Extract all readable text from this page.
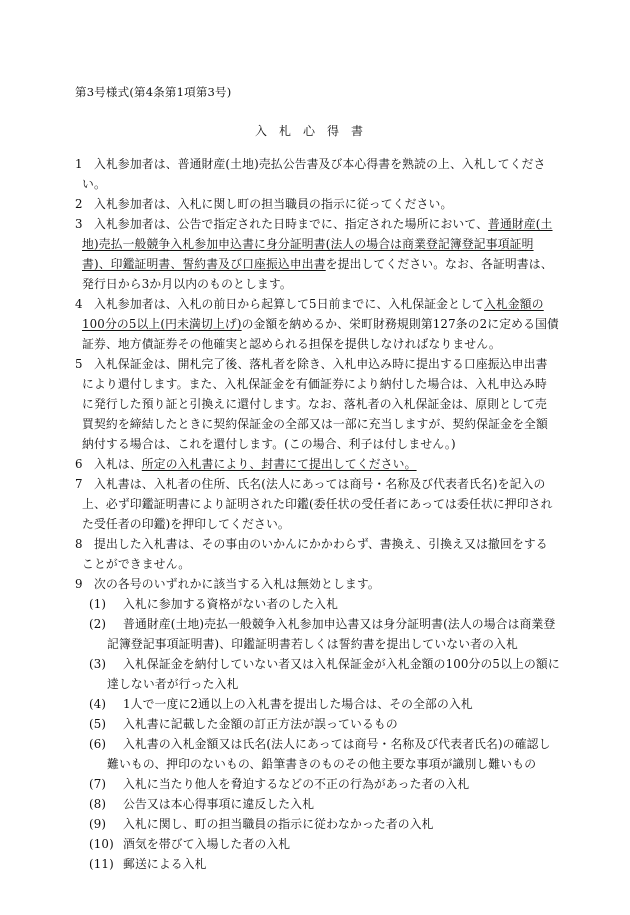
第3号様式(第4条第1項第3号)
入札心得書
1 入札参加者は、普通財産(土地)売払公告書及び本心得書を熟読の上、入札してくださ
い。
2 入札参加者は、入札に関し町の担当職員の指示に従ってください。
3 入札参加者は、公告で指定された日時までに、指定された場所において、普通財産(土
地)売払一般競争入札参加申込書に身分証明書(法人の場合は商業登記簿登記事項証明
書)、印鑑証明書、誓約書及び口座振込申出書を提出してください。なお、各証明書は、
発行日から3か月以内のものとします。
4 入札参加者は、入札の前日から起算して5日前までに、入札保証金として入札金額の
100分の5以上(円未満切上げ)の金額を納めるか、栄町財務規則第127条の2に定める国債
証券、地方債証券その他確実と認められる担保を提供しなければなりません。
5 入札保証金は、開札完了後、落札者を除き、入札申込み時に提出する口座振込申出書
により還付します。また、入札保証金を有価証券により納付した場合は、入札申込み時
に発行した預り証と引換えに還付します。なお、落札者の入札保証金は、原則として売
買契約を締結したときに契約保証金の全部又は一部に充当しますが、契約保証金を全額
納付する場合は、これを還付します。(この場合、利子は付しません。)
6 入札は、所定の入札書により、封書にて提出してください。
7 入札書は、入札者の住所、氏名(法人にあっては商号・名称及び代表者氏名)を記入の
上、必ず印鑑証明書により証明された印鑑(委任状の受任者にあっては委任状に押印され
た受任者の印鑑)を押印してください。
8 提出した入札書は、その事由のいかんにかかわらず、書換え、引換え又は撤回をする
ことができません。
9 次の各号のいずれかに該当する入札は無効とします。
(1) 入札に参加する資格がない者のした入札
(2) 普通財産(土地)売払一般競争入札参加申込書又は身分証明書(法人の場合は商業登
記簿登記事項証明書)、印鑑証明書若しくは誓約書を提出していない者の入札
(3) 入札保証金を納付していない者又は入札保証金が入札金額の100分の5以上の額に
達しない者が行った入札
(4) 1人で一度に2通以上の入札書を提出した場合は、その全部の入札
(5) 入札書に記載した金額の訂正方法が誤っているもの
(6) 入札書の入札金額又は氏名(法人にあっては商号・名称及び代表者氏名)の確認し
難いもの、押印のないもの、鉛筆書きのものその他主要な事項が識別し難いもの
(7) 入札に当たり他人を脅迫するなどの不正の行為があった者の入札
(8) 公告又は本心得事項に違反した入札
(9) 入札に関し、町の担当職員の指示に従わなかった者の入札
(10) 酒気を帯びて入場した者の入札
(11) 郵送による入札
